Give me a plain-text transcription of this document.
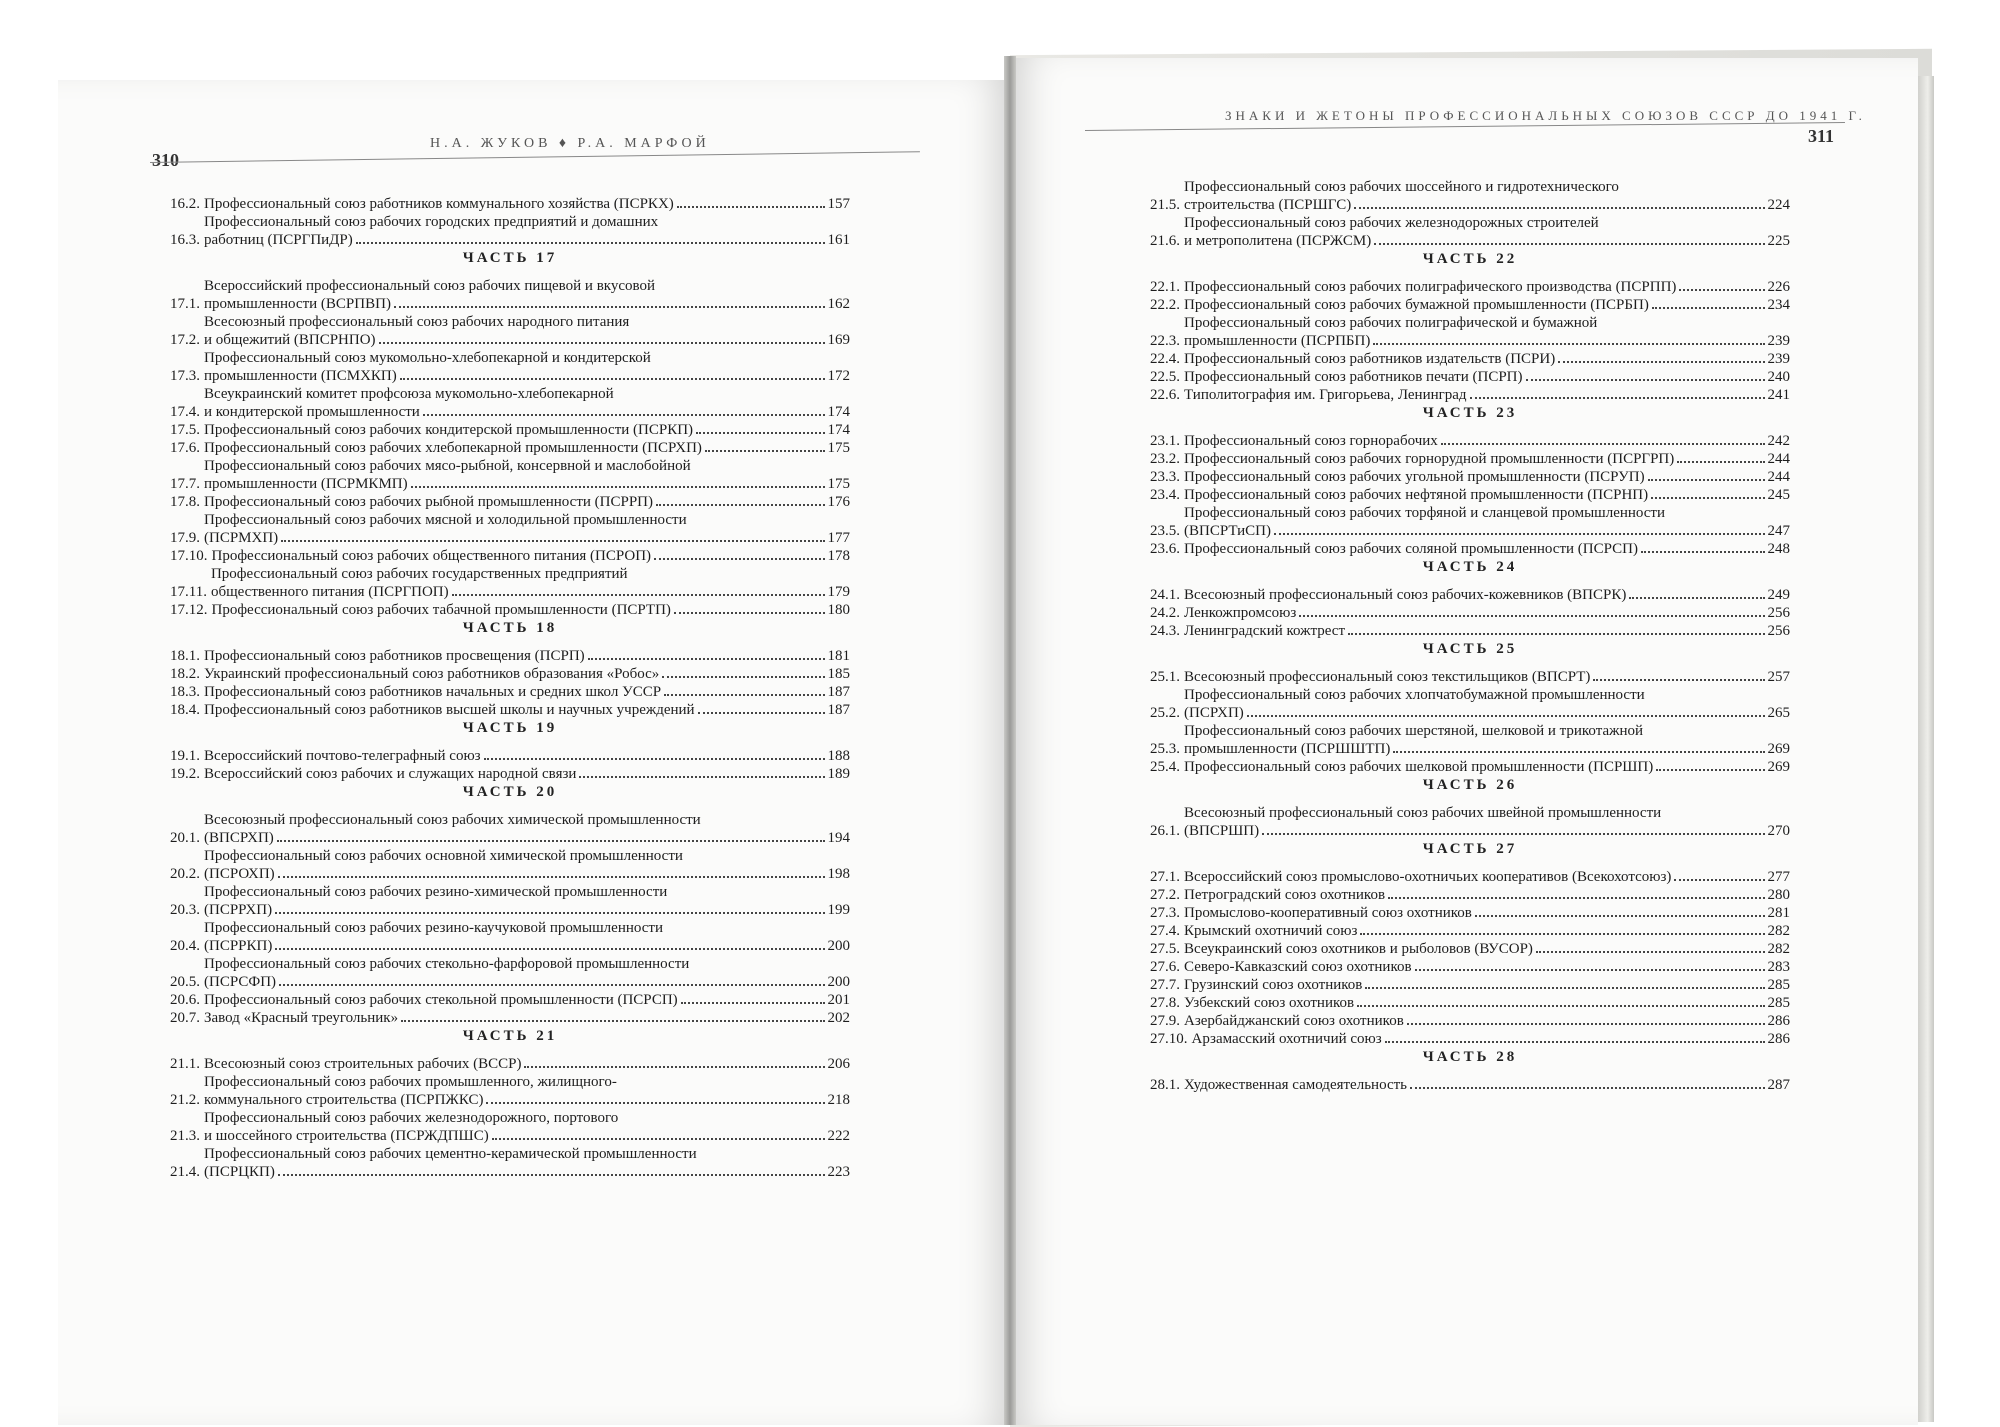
310
Н.А. ЖУКОВ ♦ Р.А. МАРФОЙ
ЗНАКИ И ЖЕТОНЫ ПРОФЕССИОНАЛЬНЫХ СОЮЗОВ СССР ДО 1941 Г.
311
16.2. Профессиональный союз работников коммунального хозяйства (ПСРКХ)	157
16.3.
Профессиональный союз рабочих городских предприятий и домашних
работниц (ПСРГПиДР)	161
ЧАСТЬ 17
17.1.
Всероссийский профессиональный союз рабочих пищевой и вкусовой
промышленности (ВСРПВП)	162
17.2.
Всесоюзный профессиональный союз рабочих народного питания
и общежитий (ВПСРНПО)	169
17.3.
Профессиональный союз мукомольно-хлебопекарной и кондитерской
промышленности (ПСМХКП)	172
17.4.
Всеукраинский комитет профсоюза мукомольно-хлебопекарной
и кондитерской промышленности	174
17.5. Профессиональный союз рабочих кондитерской промышленности (ПСРКП)	174
17.6. Профессиональный союз рабочих хлебопекарной промышленности (ПСРХП)	175
17.7.
Профессиональный союз рабочих мясо-рыбной, консервной и маслобойной
промышленности (ПСРМКМП)	175
17.8. Профессиональный союз рабочих рыбной промышленности (ПСРРП)	176
17.9.
Профессиональный союз рабочих мясной и холодильной промышленности
(ПСРМХП)	177
17.10. Профессиональный союз рабочих общественного питания (ПСРОП)	178
17.11.
Профессиональный союз рабочих государственных предприятий
общественного питания (ПСРГПОП)	179
17.12. Профессиональный союз рабочих табачной промышленности (ПСРТП)	180
ЧАСТЬ 18
18.1. Профессиональный союз работников просвещения (ПСРП)	181
18.2. Украинский профессиональный союз работников образования «Робос»	185
18.3. Профессиональный союз работников начальных и средних школ УССР	187
18.4. Профессиональный союз работников высшей школы и научных учреждений	187
ЧАСТЬ 19
19.1. Всероссийский почтово-телеграфный союз	188
19.2. Всероссийский союз рабочих и служащих народной связи	189
ЧАСТЬ 20
20.1.
Всесоюзный профессиональный союз рабочих химической промышленности
(ВПСРХП)	194
20.2.
Профессиональный союз рабочих основной химической промышленности
(ПСРОХП)	198
20.3.
Профессиональный союз рабочих резино-химической промышленности
(ПСРРХП)	199
20.4.
Профессиональный союз рабочих резино-каучуковой промышленности
(ПСРРКП)	200
20.5.
Профессиональный союз рабочих стекольно-фарфоровой промышленности
(ПСРСФП)	200
20.6. Профессиональный союз рабочих стекольной промышленности (ПСРСП)	201
20.7. Завод «Красный треугольник»	202
ЧАСТЬ 21
21.1. Всесоюзный союз строительных рабочих (ВССР)	206
21.2.
Профессиональный союз рабочих промышленного, жилищного-
коммунального строительства (ПСРПЖКС)	218
21.3.
Профессиональный союз рабочих железнодорожного, портового
и шоссейного строительства (ПСРЖДПШС)	222
21.4.
Профессиональный союз рабочих цементно-керамической промышленности
(ПСРЦКП)	223
21.5.
Профессиональный союз рабочих шоссейного и гидротехнического
строительства (ПСРШГС)	224
21.6.
Профессиональный союз рабочих железнодорожных строителей
и метрополитена (ПСРЖСМ)	225
ЧАСТЬ 22
22.1. Профессиональный союз рабочих полиграфического производства (ПСРПП)	226
22.2. Профессиональный союз рабочих бумажной промышленности (ПСРБП)	234
22.3.
Профессиональный союз рабочих полиграфической и бумажной
промышленности (ПСРПБП)	239
22.4. Профессиональный союз работников издательств (ПСРИ)	239
22.5. Профессиональный союз работников печати (ПСРП)	240
22.6. Типолитография им. Григорьева, Ленинград	241
ЧАСТЬ 23
23.1. Профессиональный союз горнорабочих	242
23.2. Профессиональный союз рабочих горнорудной промышленности (ПСРГРП)	244
23.3. Профессиональный союз рабочих угольной промышленности (ПСРУП)	244
23.4. Профессиональный союз рабочих нефтяной промышленности (ПСРНП)	245
23.5.
Профессиональный союз рабочих торфяной и сланцевой промышленности
(ВПСРТиСП)	247
23.6. Профессиональный союз рабочих соляной промышленности (ПСРСП)	248
ЧАСТЬ 24
24.1. Всесоюзный профессиональный союз рабочих-кожевников (ВПСРК)	249
24.2. Ленкожпромсоюз	256
24.3. Ленинградский кожтрест	256
ЧАСТЬ 25
25.1. Всесоюзный профессиональный союз текстильщиков (ВПСРТ)	257
25.2.
Профессиональный союз рабочих хлопчатобумажной промышленности
(ПСРХП)	265
25.3.
Профессиональный союз рабочих шерстяной, шелковой и трикотажной
промышленности (ПСРШШТП)	269
25.4. Профессиональный союз рабочих шелковой промышленности (ПСРШП)	269
ЧАСТЬ 26
26.1.
Всесоюзный профессиональный союз рабочих швейной промышленности
(ВПСРШП)	270
ЧАСТЬ 27
27.1. Всероссийский союз промыслово-охотничьих кооперативов (Всекохотсоюз)	277
27.2. Петроградский союз охотников	280
27.3. Промыслово-кооперативный союз охотников	281
27.4. Крымский охотничий союз	282
27.5. Всеукраинский союз охотников и рыболовов (ВУСОР)	282
27.6. Северо-Кавказский союз охотников	283
27.7. Грузинский союз охотников	285
27.8. Узбекский союз охотников	285
27.9. Азербайджанский союз охотников	286
27.10. Арзамасский охотничий союз	286
ЧАСТЬ 28
28.1. Художественная самодеятельность	287
